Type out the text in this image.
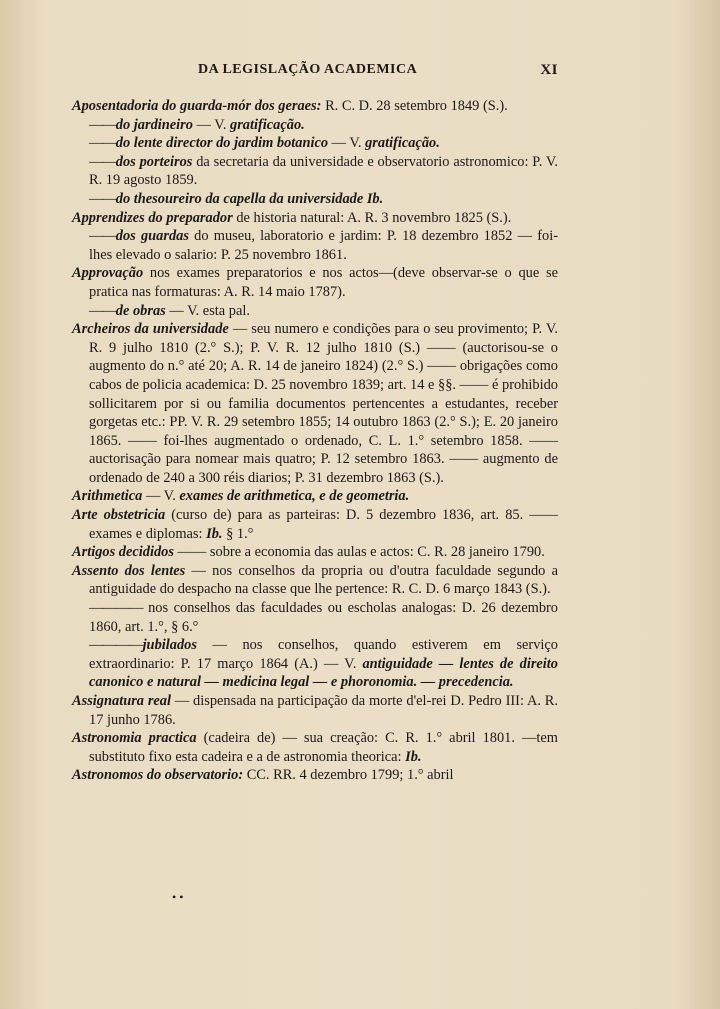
DA LEGISLAÇÃO ACADEMICA	XI

Aposentadoria do guarda-mór dos geraes: R. C. D. 28 setembro 1849 (S.).

——do jardineiro — V. gratificação.

——do lente director do jardim botanico — V. gratificação.

——dos porteiros da secretaria da universidade e observatorio astronomico: P. V. R. 19 agosto 1859.

——do thesoureiro da capella da universidade Ib.

Apprendizes do preparador de historia natural: A. R. 3 novembro 1825 (S.).

——dos guardas do museu, laboratorio e jardim: P. 18 dezembro 1852 — foi-lhes elevado o salario: P. 25 novembro 1861.

Approvação nos exames preparatorios e nos actos—(deve observar-se o que se pratica nas formaturas: A. R. 14 maio 1787).

——de obras — V. esta pal.

Archeiros da universidade — seu numero e condições para o seu provimento; P. V. R. 9 julho 1810 (2.° S.); P. V. R. 12 julho 1810 (S.) —— (auctorisou-se o augmento do n.° até 20; A. R. 14 de janeiro 1824) (2.° S.) —— obrigações como cabos de policia academica: D. 25 novembro 1839; art. 14 e §§. —— é prohibido sollicitarem por si ou familia documentos pertencentes a estudantes, receber gorgetas etc.: PP. V. R. 29 setembro 1855; 14 outubro 1863 (2.° S.); E. 20 janeiro 1865. —— foi-lhes augmentado o ordenado, C. L. 1.° setembro 1858. —— auctorisação para nomear mais quatro; P. 12 setembro 1863. —— augmento de ordenado de 240 a 300 réis diarios; P. 31 dezembro 1863 (S.).

Arithmetica — V. exames de arithmetica, e de geometria.

Arte obstetricia (curso de) para as parteiras: D. 5 dezembro 1836, art. 85. —— exames e diplomas: Ib. § 1.°

Artigos decididos —— sobre a economia das aulas e actos: C. R. 28 janeiro 1790.

Assento dos lentes — nos conselhos da propria ou d'outra faculdade segundo a antiguidade do despacho na classe que lhe pertence: R. C. D. 6 março 1843 (S.).

———— nos conselhos das faculdades ou escholas analogas: D. 26 dezembro 1860, art. 1.°, § 6.°

————jubilados — nos conselhos, quando estiverem em serviço extraordinario: P. 17 março 1864 (A.) — V. antiguidade — lentes de direito canonico e natural — medicina legal — e phoronomia. — precedencia.

Assignatura real — dispensada na participação da morte d'el-rei D. Pedro III: A. R. 17 junho 1786.

Astronomia practica (cadeira de) — sua creação: C. R. 1.° abril 1801. —tem substituto fixo esta cadeira e a de astronomia theorica: Ib.

Astronomos do observatorio: CC. RR. 4 dezembro 1799; 1.° abril

• •
